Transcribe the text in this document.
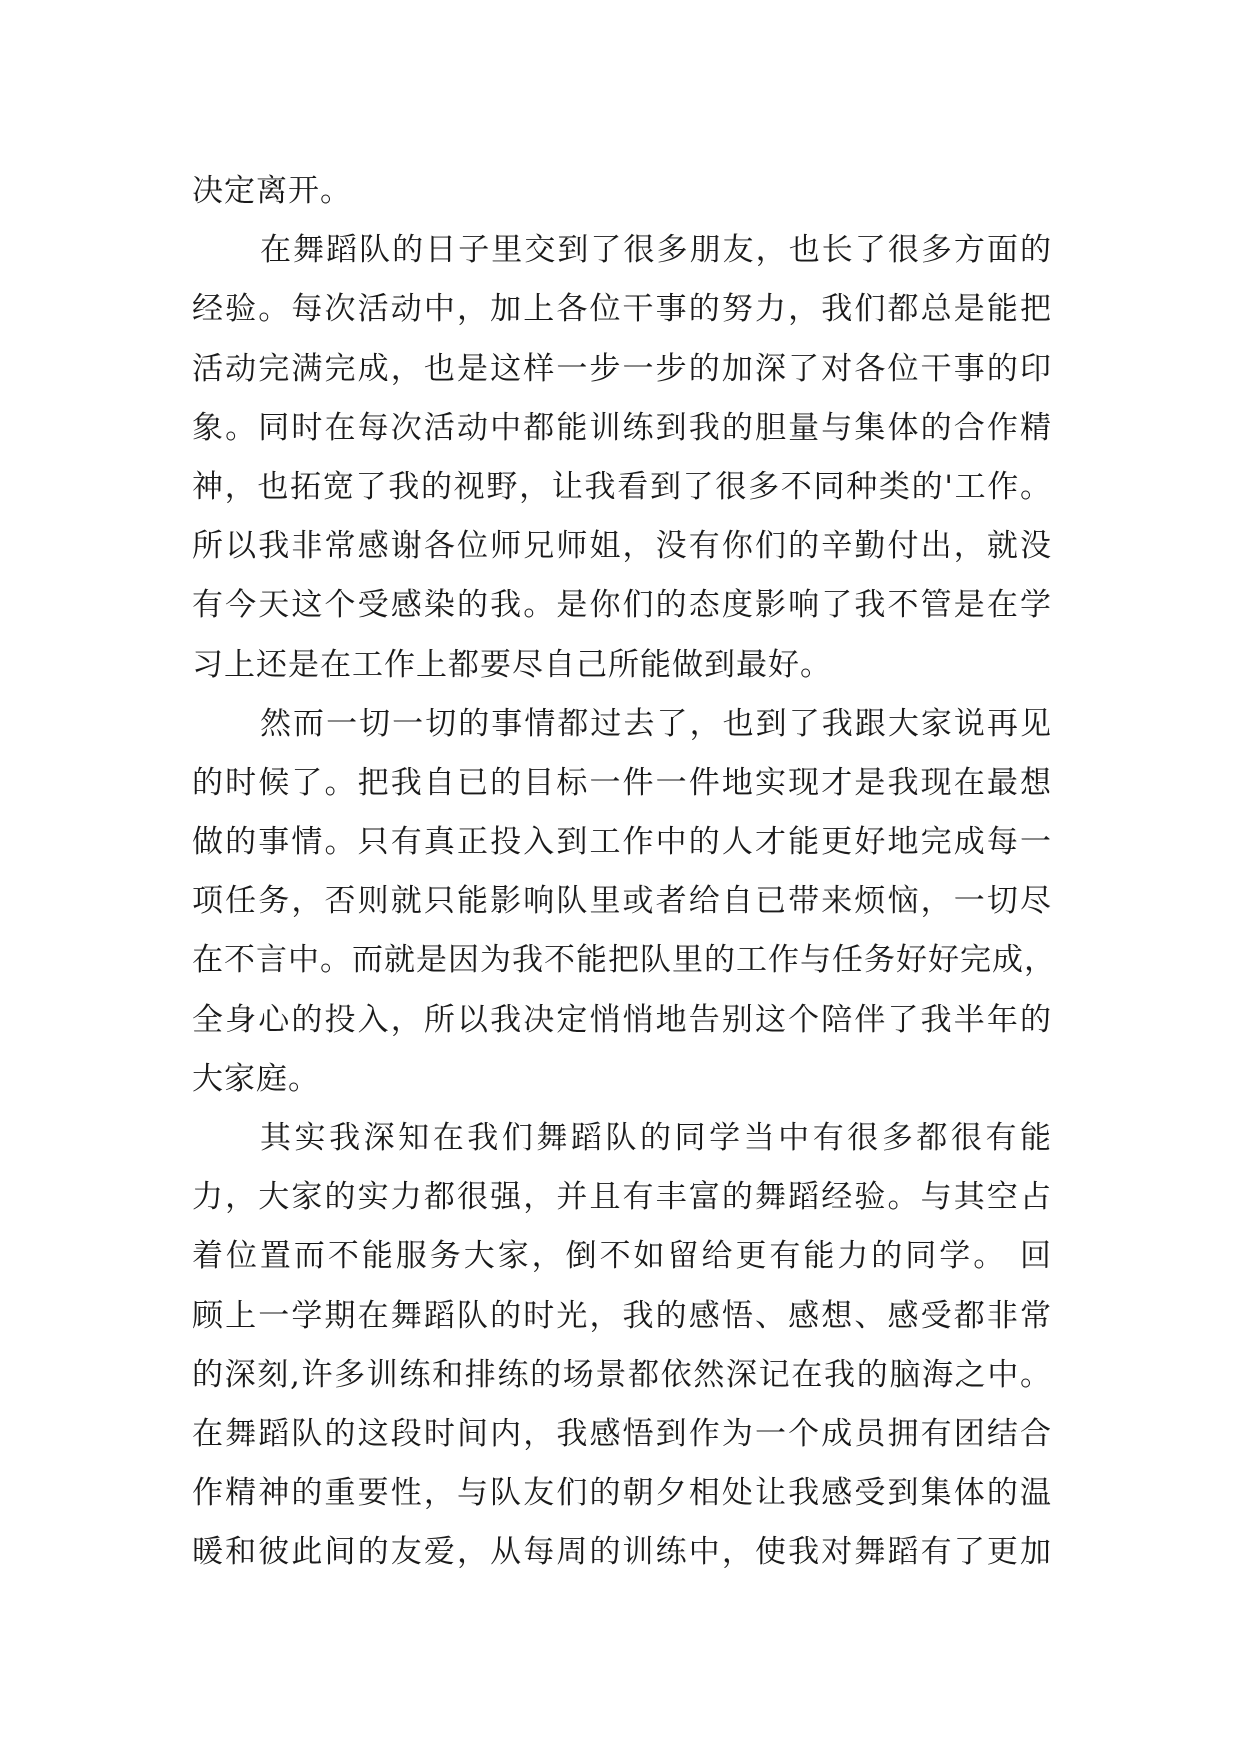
决定离开。
在舞蹈队的日子里交到了很多朋友，也长了很多方面的
经验。每次活动中，加上各位干事的努力，我们都总是能把
活动完满完成，也是这样一步一步的加深了对各位干事的印
象。同时在每次活动中都能训练到我的胆量与集体的合作精
神，也拓宽了我的视野，让我看到了很多不同种类的'工作。
所以我非常感谢各位师兄师姐，没有你们的辛勤付出，就没
有今天这个受感染的我。是你们的态度影响了我不管是在学
习上还是在工作上都要尽自己所能做到最好。
然而一切一切的事情都过去了，也到了我跟大家说再见
的时候了。把我自已的目标一件一件地实现才是我现在最想
做的事情。只有真正投入到工作中的人才能更好地完成每一
项任务，否则就只能影响队里或者给自已带来烦恼，一切尽
在不言中。而就是因为我不能把队里的工作与任务好好完成，
全身心的投入，所以我决定悄悄地告别这个陪伴了我半年的
大家庭。
其实我深知在我们舞蹈队的同学当中有很多都很有能
力，大家的实力都很强，并且有丰富的舞蹈经验。与其空占
着位置而不能服务大家，倒不如留给更有能力的同学。 回
顾上一学期在舞蹈队的时光，我的感悟、感想、感受都非常
的深刻,许多训练和排练的场景都依然深记在我的脑海之中。
在舞蹈队的这段时间内，我感悟到作为一个成员拥有团结合
作精神的重要性，与队友们的朝夕相处让我感受到集体的温
暖和彼此间的友爱，从每周的训练中，使我对舞蹈有了更加
